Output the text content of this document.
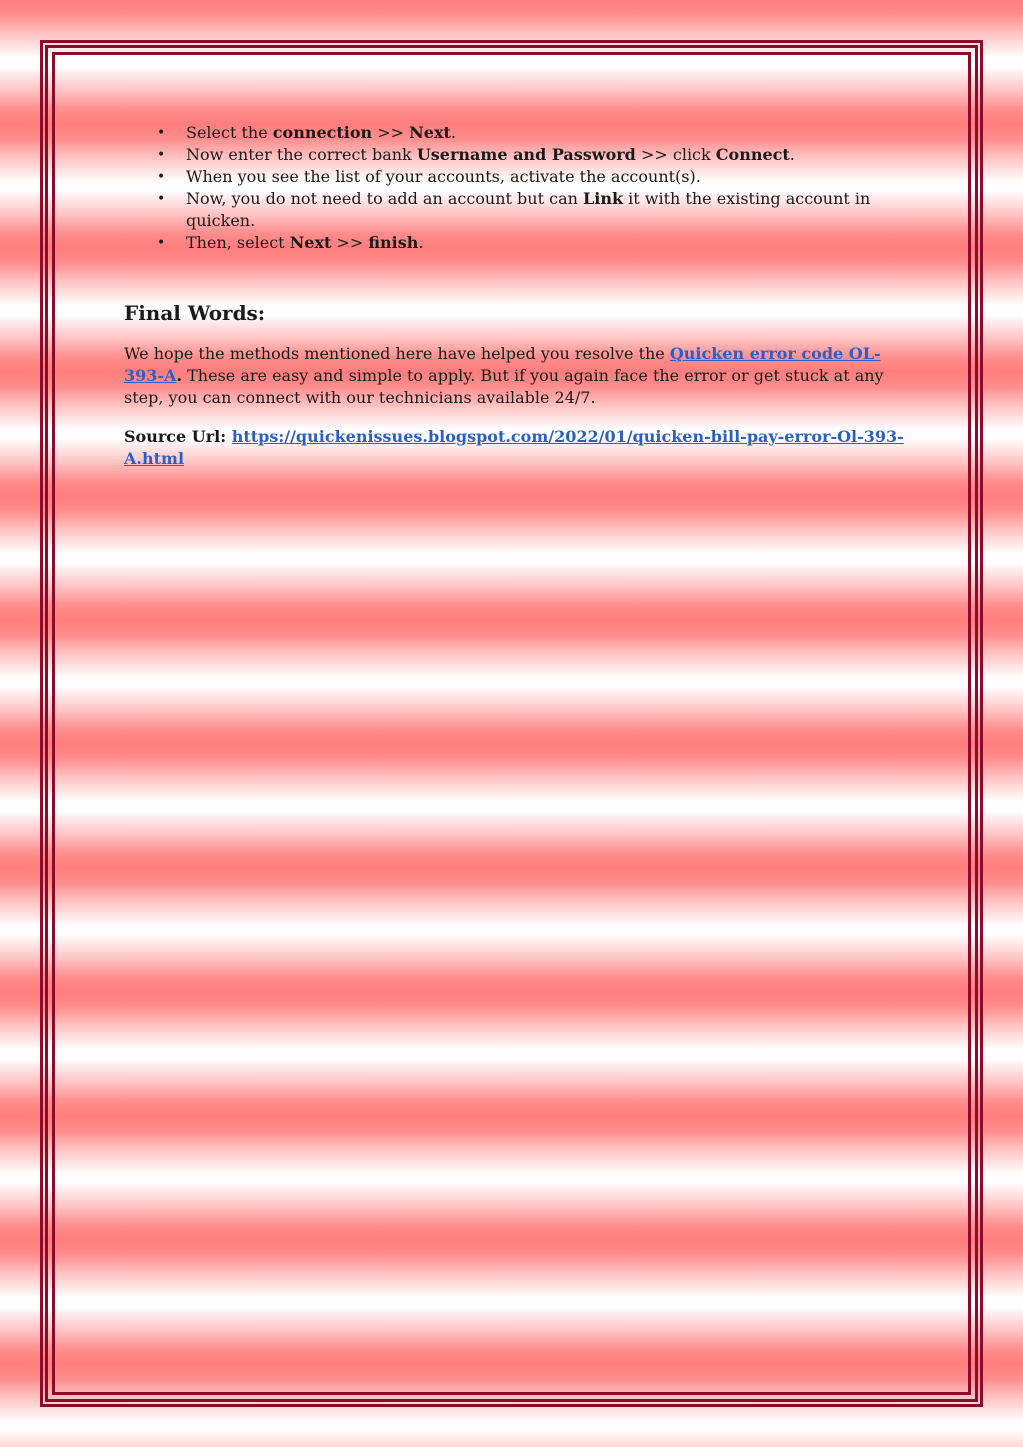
• Select the connection >> Next.
• Now enter the correct bank Username and Password >> click Connect.
• When you see the list of your accounts, activate the account(s).
• Now, you do not need to add an account but can Link it with the existing account in quicken.
• Then, select Next >> finish.
Final Words:

We hope the methods mentioned here have helped you resolve the Quicken error code OL-393-A. These are easy and simple to apply. But if you again face the error or get stuck at any step, you can connect with our technicians available 24/7.

Source Url: https://quickenissues.blogspot.com/2022/01/quicken-bill-pay-error-Ol-393-A.html
